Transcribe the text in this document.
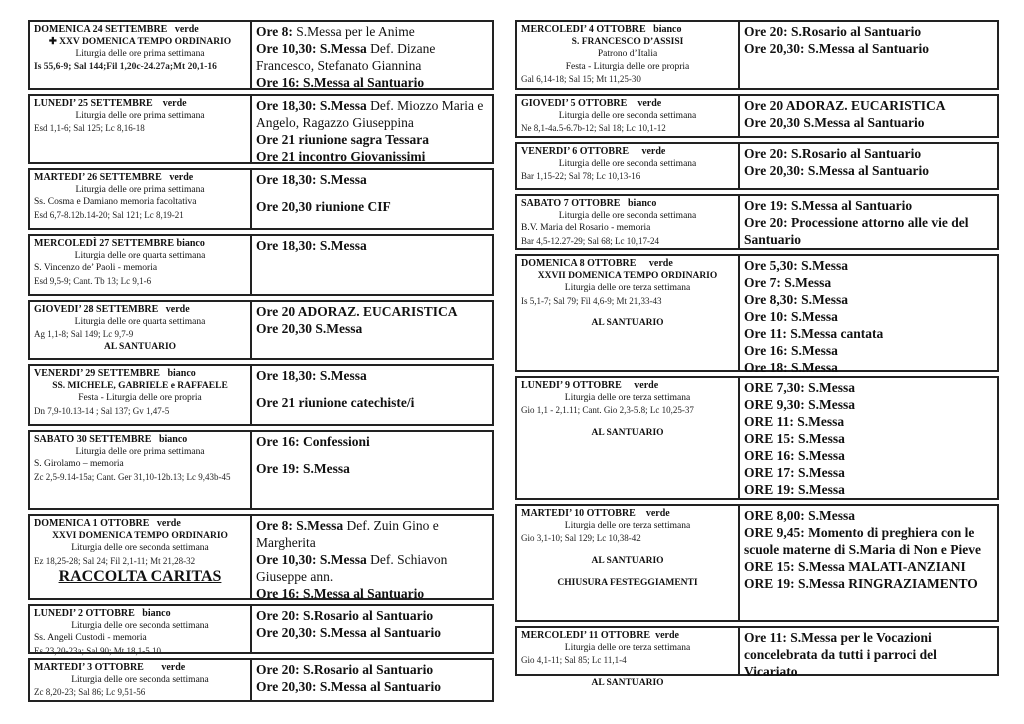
DOMENICA 24 SETTEMBRE   verde
✚ XXV DOMENICA TEMPO ORDINARIO
Liturgia delle ore prima settimana
Is 55,6-9; Sal 144;Fil 1,20c-24.27a;Mt 20,1-16
Ore 8: S.Messa per le Anime
Ore 10,30: S.Messa Def. Dizane Francesco, Stefanato Giannina
Ore 16: S.Messa al Santuario
LUNEDI’ 25 SETTEMBRE    verde
Liturgia delle ore prima settimana
Esd 1,1-6; Sal 125; Lc 8,16-18
Ore 18,30: S.Messa Def. Miozzo Maria e Angelo, Ragazzo Giuseppina
Ore 21 riunione sagra Tessara
Ore 21 incontro Giovanissimi
MARTEDI’ 26 SETTEMBRE   verde
Liturgia delle ore prima settimana
Ss. Cosma e Damiano memoria facoltativa
Esd 6,7-8.12b.14-20; Sal 121; Lc 8,19-21
Ore 18,30: S.Messa
Ore 20,30 riunione CIF
MERCOLEDÌ 27 SETTEMBRE bianco
Liturgia delle ore quarta settimana
S. Vincenzo de’ Paoli - memoria
Esd 9,5-9; Cant. Tb 13; Lc 9,1-6
Ore 18,30: S.Messa
GIOVEDI’ 28 SETTEMBRE   verde
Liturgia delle ore quarta settimana
Ag 1,1-8; Sal 149; Lc 9,7-9
AL SANTUARIO
Ore 20 ADORAZ. EUCARISTICA
Ore 20,30 S.Messa
VENERDI’ 29 SETTEMBRE   bianco
SS. MICHELE, GABRIELE e RAFFAELE
Festa - Liturgia delle ore propria
Dn 7,9-10.13-14 ; Sal 137; Gv 1,47-5
Ore 18,30: S.Messa
Ore 21 riunione catechiste/i
SABATO 30 SETTEMBRE   bianco
Liturgia delle ore prima settimana
S. Girolamo – memoria
Zc 2,5-9.14-15a; Cant. Ger 31,10-12b.13; Lc 9,43b-45
Ore 16: Confessioni
Ore 19: S.Messa
DOMENICA 1 OTTOBRE   verde
XXVI DOMENICA TEMPO ORDINARIO
Liturgia delle ore seconda settimana
Ez 18,25-28; Sal 24; Fil 2,1-11; Mt 21,28-32
RACCOLTA CARITAS
Ore 8: S.Messa Def. Zuin Gino e Margherita
Ore 10,30: S.Messa Def. Schiavon Giuseppe ann.
Ore 16: S.Messa al Santuario
LUNEDI’ 2 OTTOBRE   bianco
Liturgia delle ore seconda settimana
Ss. Angeli Custodi - memoria
Es 23,20-23a; Sal 90; Mt 18,1-5.10
Ore 20: S.Rosario al Santuario
Ore 20,30: S.Messa al Santuario
MARTEDI’ 3 OTTOBRE       verde
Liturgia delle ore seconda settimana
Zc 8,20-23; Sal 86; Lc 9,51-56
Ore 20: S.Rosario al Santuario
Ore 20,30: S.Messa al Santuario
MERCOLEDI’ 4 OTTOBRE   bianco
S. FRANCESCO D’ASSISI
Patrono d’Italia
Festa - Liturgia delle ore propria
Gal 6,14-18; Sal 15; Mt 11,25-30
Ore 20: S.Rosario al Santuario
Ore 20,30: S.Messa al Santuario
GIOVEDI’ 5 OTTOBRE    verde
Liturgia delle ore seconda settimana
Ne 8,1-4a.5-6.7b-12; Sal 18; Lc 10,1-12
Ore 20 ADORAZ. EUCARISTICA
Ore 20,30 S.Messa al Santuario
VENERDI’ 6 OTTOBRE     verde
Liturgia delle ore seconda settimana
Bar 1,15-22; Sal 78; Lc 10,13-16
Ore 20: S.Rosario al Santuario
Ore 20,30: S.Messa al Santuario
SABATO 7 OTTOBRE   bianco
Liturgia delle ore seconda settimana
B.V. Maria del Rosario - memoria
Bar 4,5-12.27-29; Sal 68; Lc 10,17-24
Ore 19: S.Messa al Santuario
Ore 20: Processione attorno alle vie del Santuario
DOMENICA 8 OTTOBRE     verde
XXVII DOMENICA TEMPO ORDINARIO
Liturgia delle ore terza settimana
Is 5,1-7; Sal 79; Fil 4,6-9; Mt 21,33-43
AL SANTUARIO
Ore 5,30: S.Messa
Ore 7: S.Messa
Ore 8,30: S.Messa
Ore 10: S.Messa
Ore 11: S.Messa cantata
Ore 16: S.Messa
Ore 18: S.Messa
LUNEDI’ 9 OTTOBRE     verde
Liturgia delle ore terza settimana
Gio 1,1 - 2,1.11; Cant. Gio 2,3-5.8; Lc 10,25-37
AL SANTUARIO
ORE 7,30: S.Messa
ORE 9,30: S.Messa
ORE 11: S.Messa
ORE 15: S.Messa
ORE 16: S.Messa
ORE 17: S.Messa
ORE 19: S.Messa
MARTEDI’ 10 OTTOBRE    verde
Liturgia delle ore terza settimana
Gio 3,1-10; Sal 129; Lc 10,38-42
AL SANTUARIO
CHIUSURA FESTEGGIAMENTI
ORE 8,00: S.Messa
ORE 9,45: Momento di preghiera con le scuole materne di S.Maria di Non e Pieve
ORE 15: S.Messa MALATI-ANZIANI
ORE 19: S.Messa RINGRAZIAMENTO
MERCOLEDI’ 11 OTTOBRE  verde
Liturgia delle ore terza settimana
Gio 4,1-11; Sal 85; Lc 11,1-4
AL SANTUARIO
Ore 11: S.Messa per le Vocazioni concelebrata da tutti i parroci del Vicariato
